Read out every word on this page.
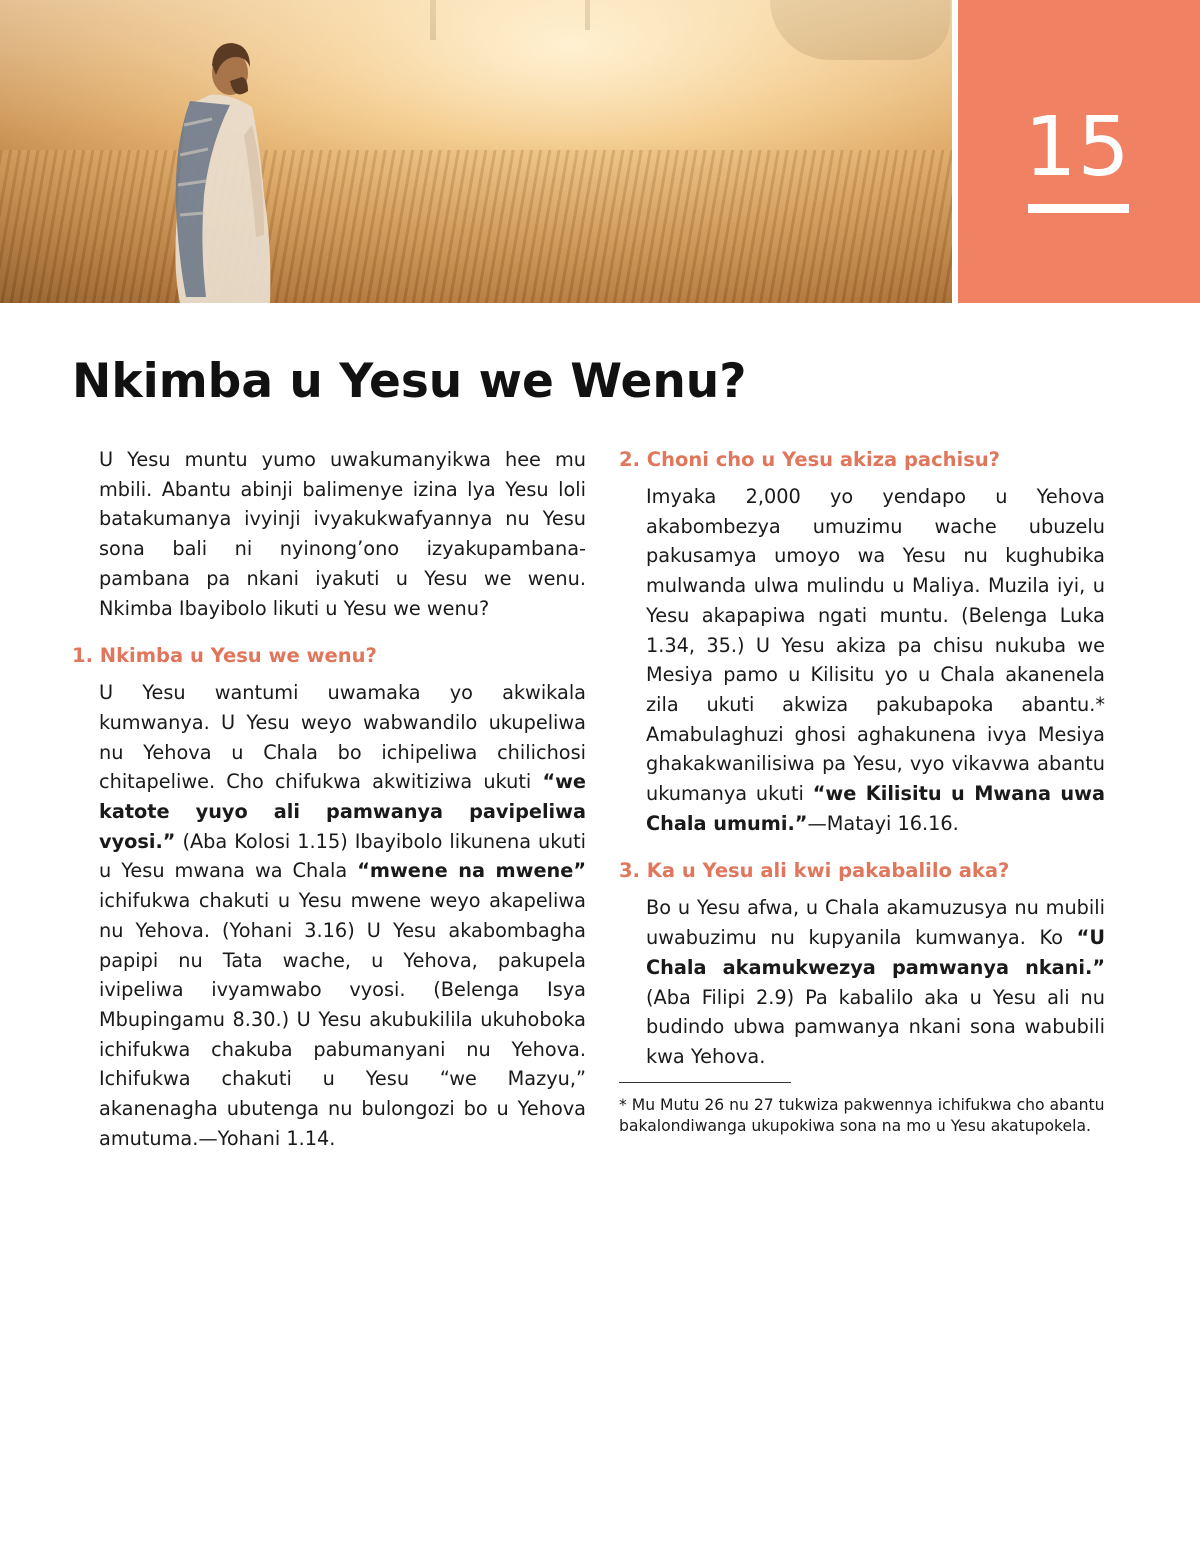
15
Nkimba u Yesu we Wenu?

U Yesu muntu yumo uwakumanyikwa hee mu mbili. Abantu abinji balimenye izina lya Yesu loli batakumanya ivyinji ivyakukwafyannya nu Yesu sona bali ni nyinong’ono izyakupambana-pambana pa nkani iyakuti u Yesu we wenu. Nkimba Ibayibolo likuti u Yesu we wenu?

1. Nkimba u Yesu we wenu?

U Yesu wantumi uwamaka yo akwikala kumwanya. U Yesu weyo wabwandilo ukupeliwa nu Yehova u Chala bo ichipeliwa chilichosi chitapeliwe. Cho chifukwa akwitiziwa ukuti “we katote yuyo ali pamwanya pavipeliwa vyosi.” (Aba Kolosi 1.15) Ibayibolo likunena ukuti u Yesu mwana wa Chala “mwene na mwene” ichifukwa chakuti u Yesu mwene weyo akapeliwa nu Yehova. (Yohani 3.16) U Yesu akabombagha papipi nu Tata wache, u Yehova, pakupela ivipeliwa ivyamwabo vyosi. (Belenga Isya Mbupingamu 8.30.) U Yesu akubukilila ukuhoboka ichifukwa chakuba pabumanyani nu Yehova. Ichifukwa chakuti u Yesu “we Mazyu,” akanenagha ubutenga nu bulongozi bo u Yehova amutuma.—Yohani 1.14.

2. Choni cho u Yesu akiza pachisu?

Imyaka 2,000 yo yendapo u Yehova akabombezya umuzimu wache ubuzelu pakusamya umoyo wa Yesu nu kughubika mulwanda ulwa mulindu u Maliya. Muzila iyi, u Yesu akapapiwa ngati muntu. (Belenga Luka 1.34, 35.) U Yesu akiza pa chisu nukuba we Mesiya pamo u Kilisitu yo u Chala akanenela zila ukuti akwiza pakubapoka abantu.* Amabulaghuzi ghosi aghakunena ivya Mesiya ghakakwanilisiwa pa Yesu, vyo vikavwa abantu ukumanya ukuti “we Kilisitu u Mwana uwa Chala umumi.”—Matayi 16.16.

3. Ka u Yesu ali kwi pakabalilo aka?

Bo u Yesu afwa, u Chala akamuzusya nu mubili uwabuzimu nu kupyanila kumwanya. Ko “U Chala akamukwezya pamwanya nkani.” (Aba Filipi 2.9) Pa kabalilo aka u Yesu ali nu budindo ubwa pamwanya nkani sona wabubili kwa Yehova.

* Mu Mutu 26 nu 27 tukwiza pakwennya ichifukwa cho abantu bakalondiwanga ukupokiwa sona na mo u Yesu akatupokela.
